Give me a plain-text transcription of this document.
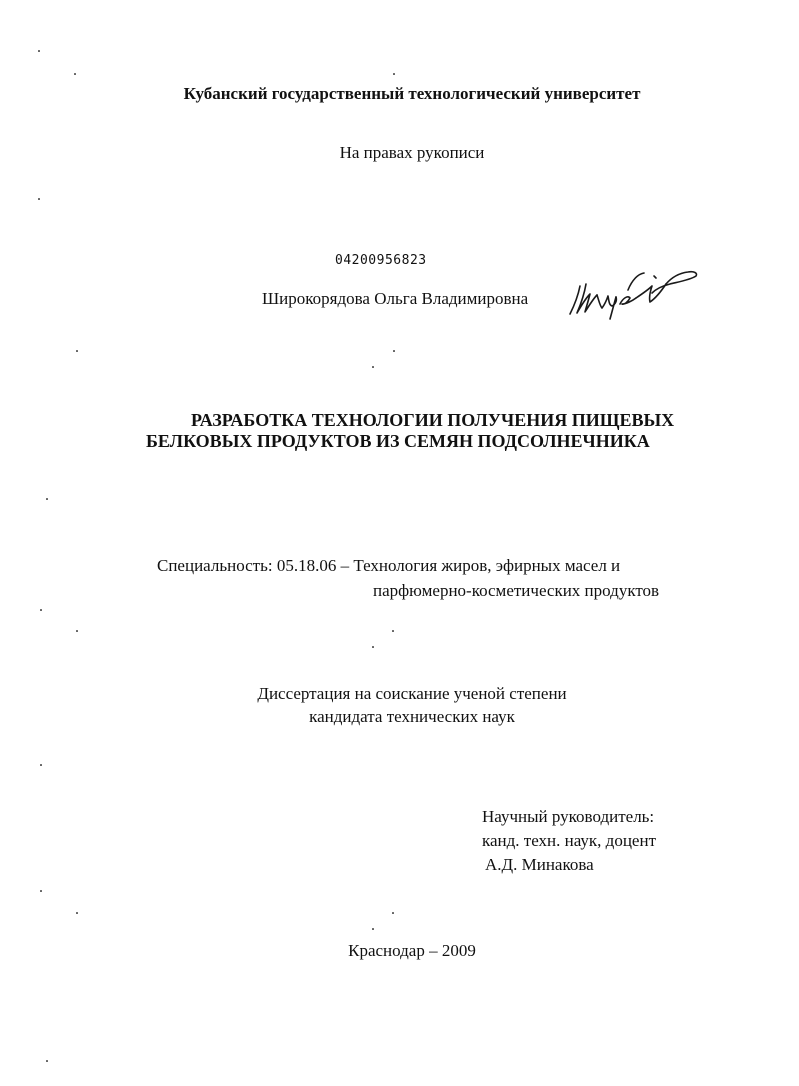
Кубанский государственный технологический университет
На правах рукописи
04200956823
Широкорядова Ольга Владимировна
РАЗРАБОТКА ТЕХНОЛОГИИ ПОЛУЧЕНИЯ ПИЩЕВЫХ
БЕЛКОВЫХ ПРОДУКТОВ ИЗ СЕМЯН ПОДСОЛНЕЧНИКА
Специальность: 05.18.06 – Технология жиров, эфирных масел и
парфюмерно-косметических продуктов
Диссертация на соискание ученой степени
кандидата технических наук
Научный руководитель:
канд. техн. наук, доцент
А.Д. Минакова
Краснодар – 2009
